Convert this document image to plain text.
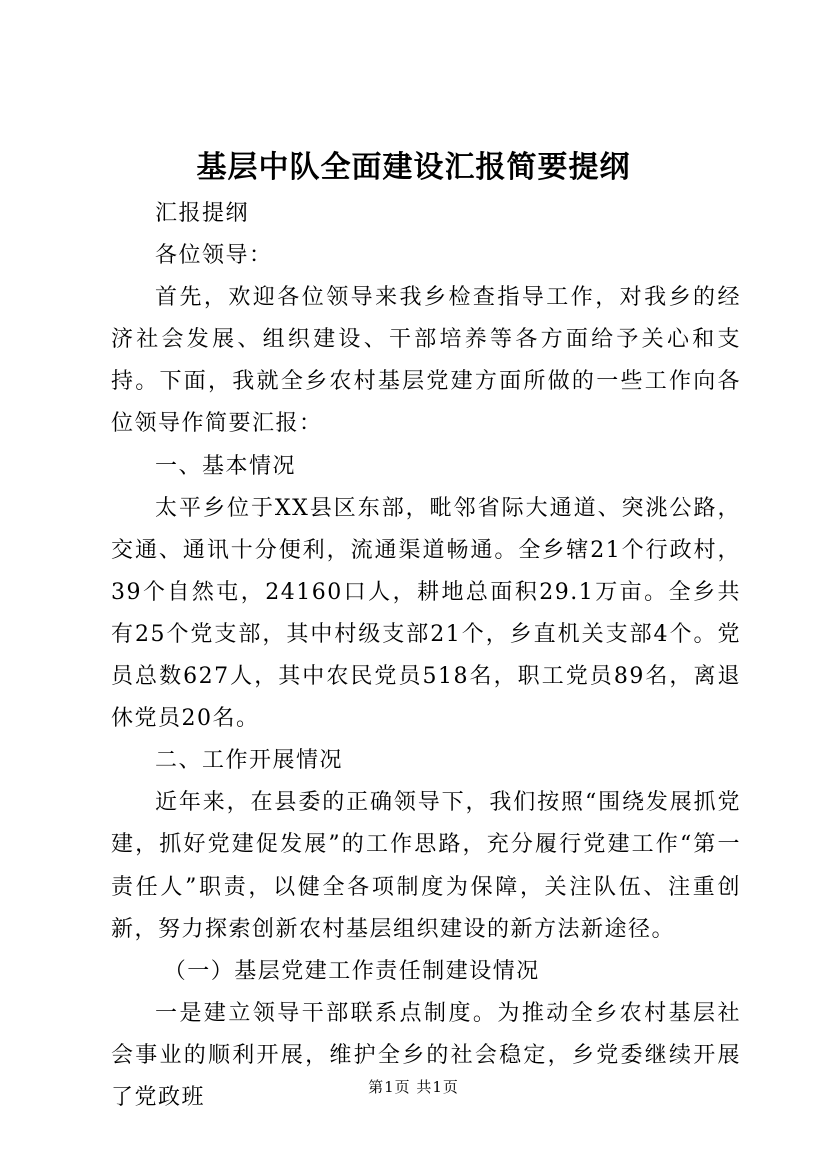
基层中队全面建设汇报简要提纲

汇报提纲

各位领导：

首先，欢迎各位领导来我乡检查指导工作，对我乡的经济社会发展、组织建设、干部培养等各方面给予关心和支持。下面，我就全乡农村基层党建方面所做的一些工作向各位领导作简要汇报：

一、基本情况

太平乡位于XX县区东部，毗邻省际大通道、突洮公路，交通、通讯十分便利，流通渠道畅通。全乡辖21个行政村，39个自然屯，24160口人，耕地总面积29.1万亩。全乡共有25个党支部，其中村级支部21个，乡直机关支部4个。党员总数627人，其中农民党员518名，职工党员89名，离退休党员20名。

二、工作开展情况

近年来，在县委的正确领导下，我们按照“围绕发展抓党建，抓好党建促发展”的工作思路，充分履行党建工作“第一责任人”职责，以健全各项制度为保障，关注队伍、注重创新，努力探索创新农村基层组织建设的新方法新途径。

（一）基层党建工作责任制建设情况

一是建立领导干部联系点制度。为推动全乡农村基层社会事业的顺利开展，维护全乡的社会稳定，乡党委继续开展了党政班	第1页 共1页
